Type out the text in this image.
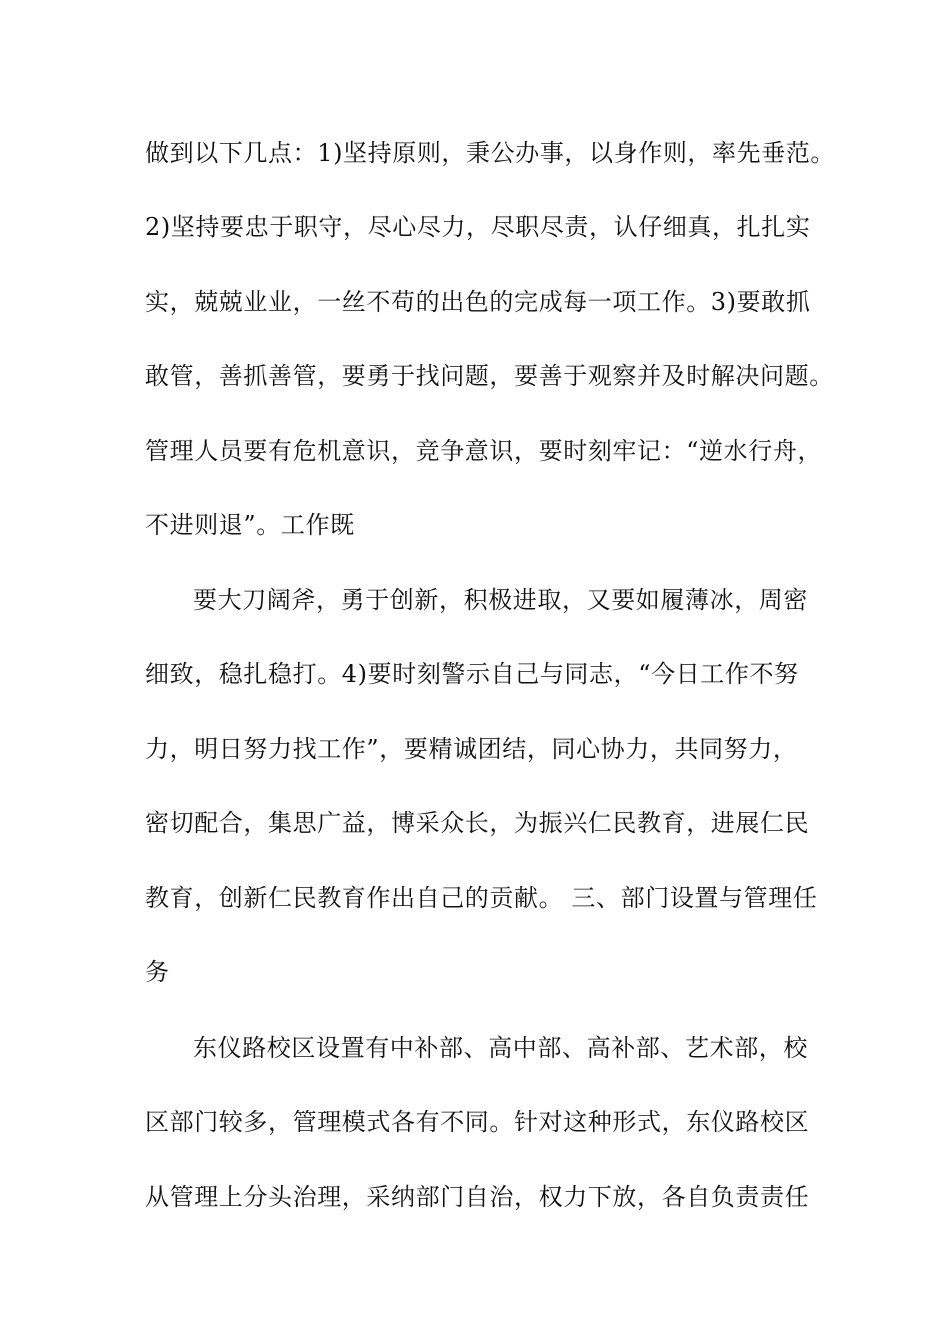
做到以下几点：1)坚持原则，秉公办事，以身作则，率先垂范。
2)坚持要忠于职守，尽心尽力，尽职尽责，认仔细真，扎扎实
实，兢兢业业，一丝不苟的出色的完成每一项工作。3)要敢抓
敢管，善抓善管，要勇于找问题，要善于观察并及时解决问题。
管理人员要有危机意识，竞争意识，要时刻牢记：“逆水行舟，
不进则退”。工作既
要大刀阔斧，勇于创新，积极进取，又要如履薄冰，周密
细致，稳扎稳打。4)要时刻警示自己与同志，“今日工作不努
力，明日努力找工作”，要精诚团结，同心协力，共同努力，
密切配合，集思广益，博采众长，为振兴仁民教育，进展仁民
教育，创新仁民教育作出自己的贡献。 三、部门设置与管理任
务
东仪路校区设置有中补部、高中部、高补部、艺术部，校
区部门较多，管理模式各有不同。针对这种形式，东仪路校区
从管理上分头治理，采纳部门自治，权力下放，各自负责责任
